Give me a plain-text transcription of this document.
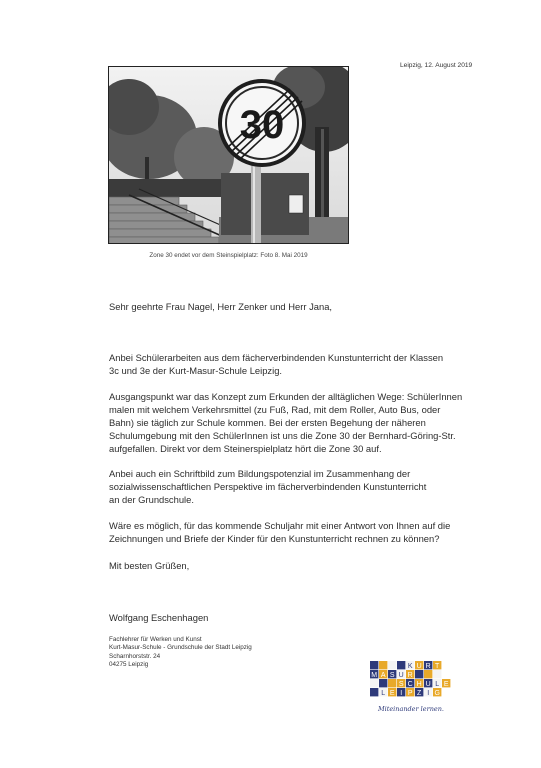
Leipzig, 12. August 2019
30
Zone 30 endet vor dem Steinspielplatz: Foto 8. Mai 2019
Sehr geehrte Frau Nagel, Herr Zenker und Herr Jana,
Anbei Schülerarbeiten aus dem fächerverbindenden Kunstunterricht der Klassen
3c und 3e der Kurt-Masur-Schule Leipzig.
Ausgangspunkt war das Konzept zum Erkunden der alltäglichen Wege: SchülerInnen
malen mit welchem Verkehrsmittel (zu Fuß, Rad, mit dem Roller, Auto Bus, oder
Bahn) sie täglich zur Schule kommen. Bei der ersten Begehung der näheren
Schulumgebung mit den SchülerInnen ist uns die Zone 30 der Bernhard-Göring-Str.
aufgefallen. Direkt vor dem Steinerspielplatz hört die Zone 30 auf.
Anbei auch ein Schriftbild zum Bildungspotenzial im Zusammenhang der
sozialwissenschaftlichen Perspektive im fächerverbindenden Kunstunterricht
an der Grundschule.
Wäre es möglich, für das kommende Schuljahr mit einer Antwort von Ihnen auf die
Zeichnungen und Briefe der Kinder für den Kunstunterricht rechnen zu können?
Mit besten Grüßen,
Wolfgang Eschenhagen
Fachlehrer für Werken und Kunst
Kurt-Masur-Schule - Grundschule der Stadt Leipzig
Scharnhorststr. 24
04275 Leipzig	K U R T
M A S U R
S C H U L E
L E I P Z I G
Miteinander lernen.
